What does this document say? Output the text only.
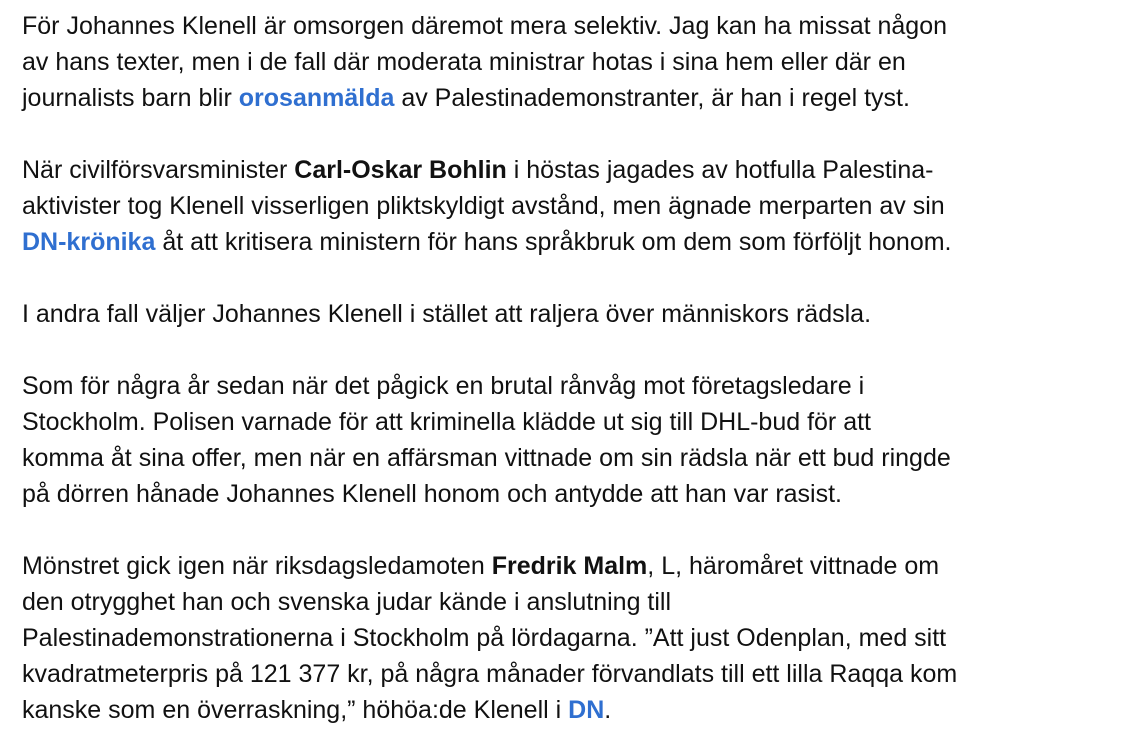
För Johannes Klenell är omsorgen däremot mera selektiv. Jag kan ha missat någon
av hans texter, men i de fall där moderata ministrar hotas i sina hem eller där en
journalists barn blir orosanmälda av Palestinademonstranter, är han i regel tyst.

När civilförsvarsminister Carl-Oskar Bohlin i höstas jagades av hotfulla Palestina-
aktivister tog Klenell visserligen pliktskyldigt avstånd, men ägnade merparten av sin
DN-krönika åt att kritisera ministern för hans språkbruk om dem som förföljt honom.

I andra fall väljer Johannes Klenell i stället att raljera över människors rädsla.

Som för några år sedan när det pågick en brutal rånvåg mot företagsledare i
Stockholm. Polisen varnade för att kriminella klädde ut sig till DHL-bud för att
komma åt sina offer, men när en affärsman vittnade om sin rädsla när ett bud ringde
på dörren hånade Johannes Klenell honom och antydde att han var rasist.

Mönstret gick igen när riksdagsledamoten Fredrik Malm, L, häromåret vittnade om
den otrygghet han och svenska judar kände i anslutning till
Palestinademonstrationerna i Stockholm på lördagarna. ”Att just Odenplan, med sitt
kvadratmeterpris på 121 377 kr, på några månader förvandlats till ett lilla Raqqa kom
kanske som en överraskning,” höhöa:de Klenell i DN.
